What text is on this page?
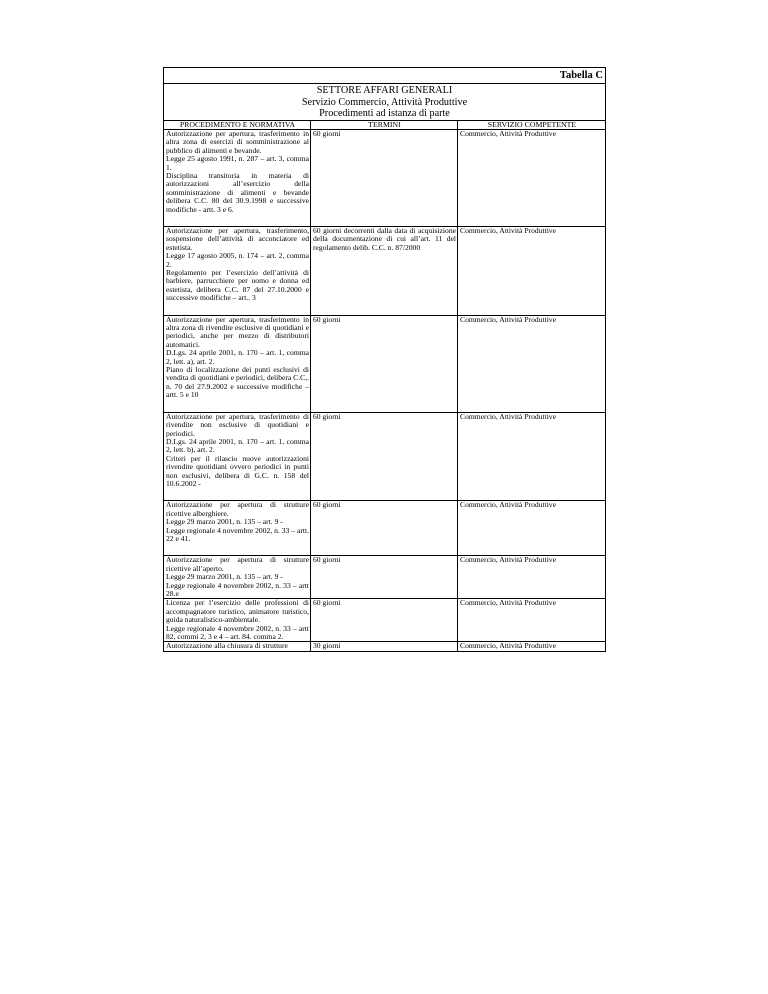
Tabella C		

SETTORE AFFARI GENERALI
Servizio Commercio, Attività Produttive
Procedimenti ad istanza di parte		

PROCEDIMENTO E NORMATIVA	TERMINI	SERVIZIO COMPETENTE

Autorizzazione per apertura, trasferimento in altra zona di esercizi di somministrazione al pubblico di alimenti e bevande.
Legge 25 agosto 1991, n. 287 – art. 3, comma 1.
Disciplina transitoria in materia di autorizzazioni all’esercizio della somministrazione di alimenti e bevande delibera C.C. 80 del 30.9.1998 e successive modifiche - artt. 3 e 6.	60 giorni	Commercio, Attività Produttive

Autorizzazione per apertura, trasferimento, sospensione dell’attività di acconciatore ed estetista.
Legge 17 agosto 2005, n. 174 – art. 2, comma 2.
Regolamento per l’esercizio dell’attività di barbiere, parrucchiere per uomo e donna ed estetista, delibera C.C. 87 del 27.10.2000 e successive modifiche – art.. 3	60 giorni decorrenti dalla data di acquisizione della documentazione di cui all’art. 11 del regolamento delib. C.C. n. 87/2000	Commercio, Attività Produttive

Autorizzazione per apertura, trasferimento in altra zona di rivendite esclusive di quotidiani e periodici, anche per mezzo di distributori automatici.
D.Lgs. 24 aprile 2001, n. 170 – art. 1, comma 2, lett. a), art. 2.
Piano di localizzazione dei punti esclusivi di vendita di quotidiani e periodici, delibera C.C,. n. 70 del 27.9.2002 e successive modifiche – artt. 5 e 10	60 giorni	Commercio, Attività Produttive

Autorizzazione per apertura, trasferimento di rivendite non esclusive di quotidiani e periodici.
D.Lgs. 24 aprile 2001, n. 170 – art. 1, comma 2, lett. b), art. 2.
Criteri per il rilascio nuove autorizzazioni rivendite quotidiani ovvero periodici in punti non esclusivi, delibera di G.C. n. 158 del 10.6.2002 -	60 giorni	Commercio, Attività Produttive

Autorizzazione per apertura di strutture ricettive alberghiere.
Legge 29 marzo 2001, n. 135 – art. 9 -
Legge regionale 4 novembre 2002, n. 33 – artt. 22 e 41.	60 giorni	Commercio, Attività Produttive

Autorizzazione per apertura di strutture ricettive all’aperto.
Legge 29 marzo 2001, n. 135 – art. 9 -
Legge regionale 4 novembre 2002, n. 33 – artt 28.e	60 giorni	Commercio, Attività Produttive

Licenza per l’esercizio delle professioni di accompagnatore turistico, animatore turistico, guida naturalistico-ambientale.
Legge regionale 4 novembre 2002, n. 33 – artt 82, commi 2, 3 e 4 – art. 84. comma 2.	60 giorni	Commercio, Attività Produttive

Autorizzazione alla chiusura di strutture	30 giorni	Commercio, Attività Produttive
